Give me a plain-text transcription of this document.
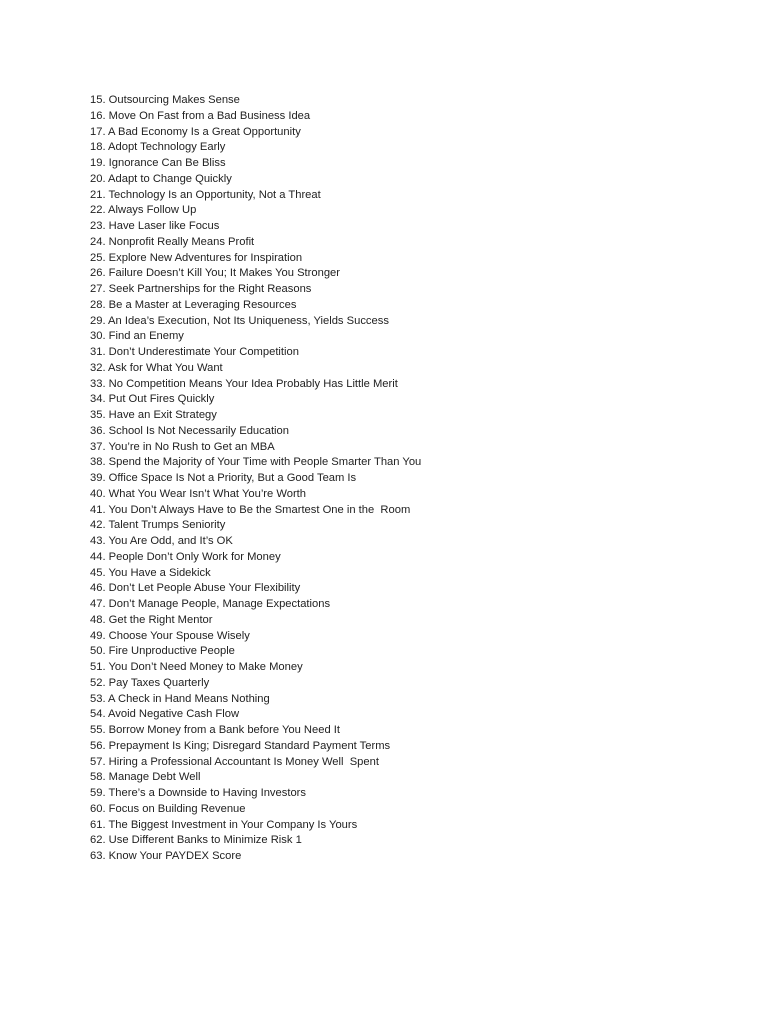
15. Outsourcing Makes Sense
16. Move On Fast from a Bad Business Idea
17. A Bad Economy Is a Great Opportunity
18. Adopt Technology Early
19. Ignorance Can Be Bliss
20. Adapt to Change Quickly
21. Technology Is an Opportunity, Not a Threat
22. Always Follow Up
23. Have Laser like Focus
24. Nonprofit Really Means Profit
25. Explore New Adventures for Inspiration
26. Failure Doesn’t Kill You; It Makes You Stronger
27. Seek Partnerships for the Right Reasons
28. Be a Master at Leveraging Resources
29. An Idea’s Execution, Not Its Uniqueness, Yields Success
30. Find an Enemy
31. Don’t Underestimate Your Competition
32. Ask for What You Want
33. No Competition Means Your Idea Probably Has Little Merit
34. Put Out Fires Quickly
35. Have an Exit Strategy
36. School Is Not Necessarily Education
37. You’re in No Rush to Get an MBA
38. Spend the Majority of Your Time with People Smarter Than You
39. Office Space Is Not a Priority, But a Good Team Is
40. What You Wear Isn’t What You’re Worth
41. You Don’t Always Have to Be the Smartest One in the  Room
42. Talent Trumps Seniority
43. You Are Odd, and It’s OK
44. People Don’t Only Work for Money
45. You Have a Sidekick
46. Don’t Let People Abuse Your Flexibility
47. Don’t Manage People, Manage Expectations
48. Get the Right Mentor
49. Choose Your Spouse Wisely
50. Fire Unproductive People
51. You Don’t Need Money to Make Money
52. Pay Taxes Quarterly
53. A Check in Hand Means Nothing
54. Avoid Negative Cash Flow
55. Borrow Money from a Bank before You Need It
56. Prepayment Is King; Disregard Standard Payment Terms
57. Hiring a Professional Accountant Is Money Well  Spent
58. Manage Debt Well
59. There’s a Downside to Having Investors
60. Focus on Building Revenue
61. The Biggest Investment in Your Company Is Yours
62. Use Different Banks to Minimize Risk 1
63. Know Your PAYDEX Score
